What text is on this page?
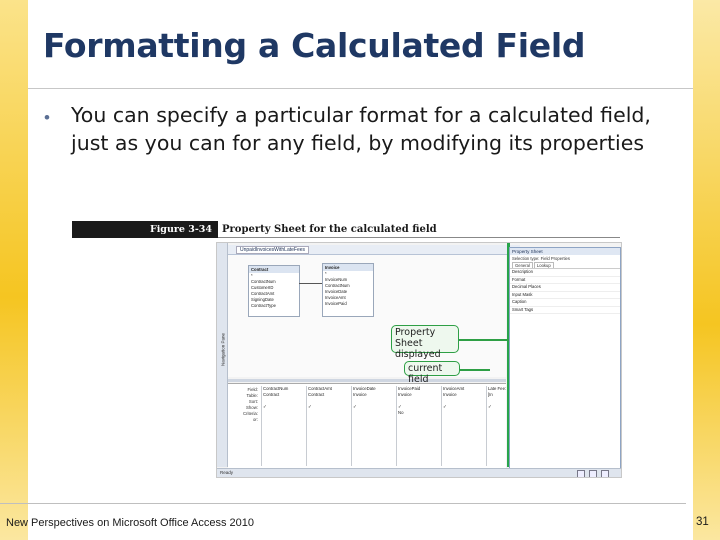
Formatting a Calculated Field
• You can specify a particular format for a calculated field, just as you can for any field, by modifying its properties
Figure 3-34	Property Sheet for the calculated field
Navigation Pane
UnpaidInvoicesWithLateFees
Contract
*
ContractNum
CustomerID
ContractAmt
SigningDate
ContractType
Invoice
*
InvoiceNum
ContractNum
InvoiceDate
InvoiceAmt
InvoicePaid
Field:
Table:
Sort:
Show:
Criteria:
or:
ContractNum
Contract

✓
ContractAmt
Contract

✓
InvoiceDate
Invoice

✓
InvoicePaid
Invoice

✓
No
InvoiceAmt
Invoice

✓
Late Fee: [In

✓
Property Sheet
Selection type: Field Properties
General Lookup
Description
Format
Decimal Places
Input Mask
Caption
Smart Tags
Ready
Property Sheet displayed
current field
New Perspectives on Microsoft Office Access 2010	31
